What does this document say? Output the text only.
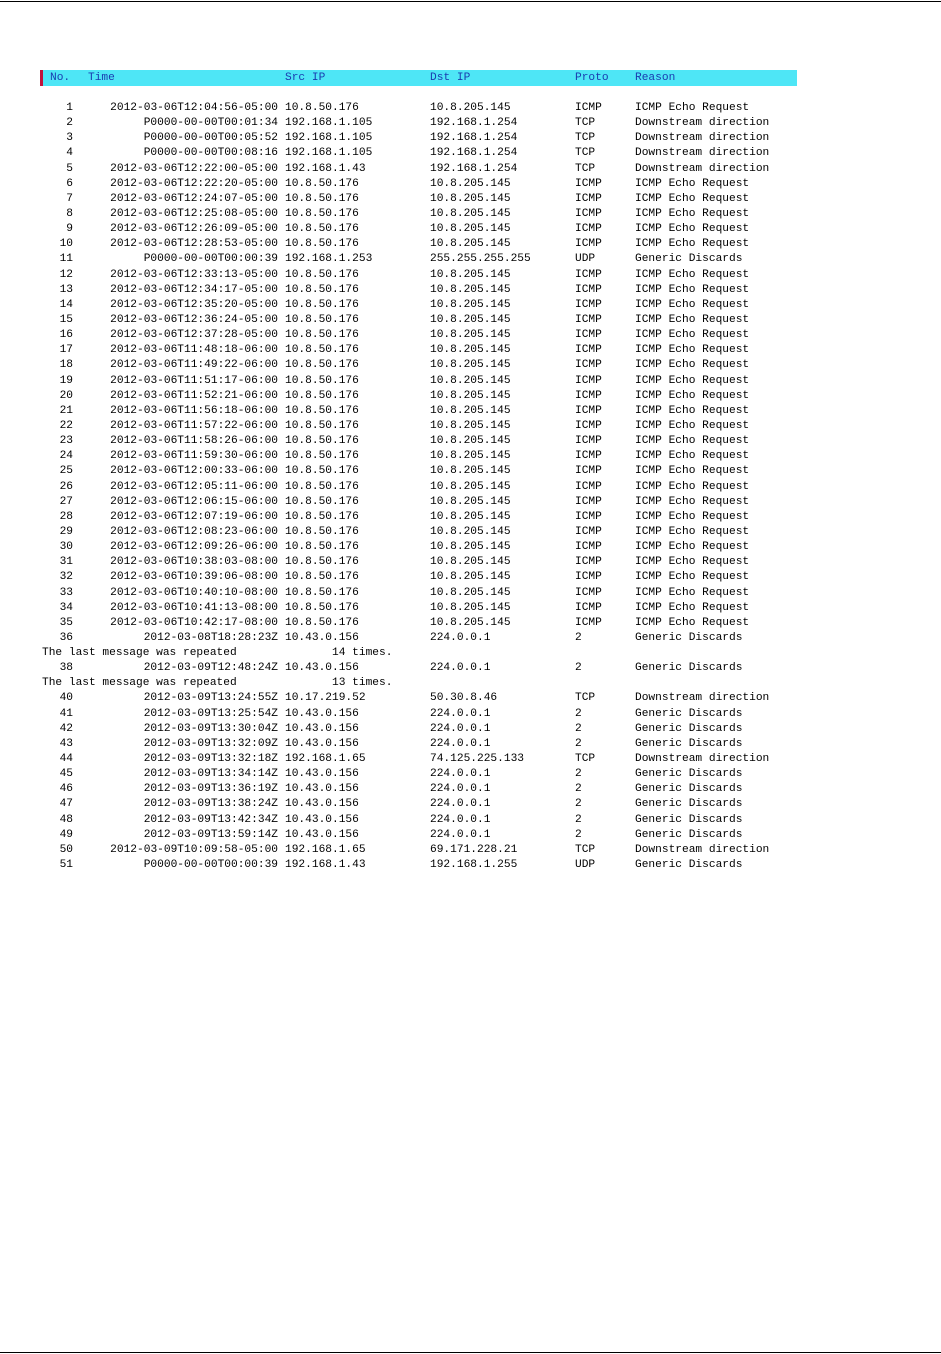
No. Time	Src IP	Dst IP	Proto Reason
1	2012-03-06T12:04:56-05:00 10.8.50.176	10.8.205.145	ICMP	ICMP Echo Request
2	P0000-00-00T00:01:34 192.168.1.105	192.168.1.254	TCP	Downstream direction
3	P0000-00-00T00:05:52 192.168.1.105	192.168.1.254	TCP	Downstream direction
4	P0000-00-00T00:08:16 192.168.1.105	192.168.1.254	TCP	Downstream direction
5	2012-03-06T12:22:00-05:00 192.168.1.43	192.168.1.254	TCP	Downstream direction
6	2012-03-06T12:22:20-05:00 10.8.50.176	10.8.205.145	ICMP	ICMP Echo Request
7	2012-03-06T12:24:07-05:00 10.8.50.176	10.8.205.145	ICMP	ICMP Echo Request
8	2012-03-06T12:25:08-05:00 10.8.50.176	10.8.205.145	ICMP	ICMP Echo Request
9	2012-03-06T12:26:09-05:00 10.8.50.176	10.8.205.145	ICMP	ICMP Echo Request
10	2012-03-06T12:28:53-05:00 10.8.50.176	10.8.205.145	ICMP	ICMP Echo Request
11	P0000-00-00T00:00:39 192.168.1.253	255.255.255.255	UDP	Generic Discards
12	2012-03-06T12:33:13-05:00 10.8.50.176	10.8.205.145	ICMP	ICMP Echo Request
13	2012-03-06T12:34:17-05:00 10.8.50.176	10.8.205.145	ICMP	ICMP Echo Request
14	2012-03-06T12:35:20-05:00 10.8.50.176	10.8.205.145	ICMP	ICMP Echo Request
15	2012-03-06T12:36:24-05:00 10.8.50.176	10.8.205.145	ICMP	ICMP Echo Request
16	2012-03-06T12:37:28-05:00 10.8.50.176	10.8.205.145	ICMP	ICMP Echo Request
17	2012-03-06T11:48:18-06:00 10.8.50.176	10.8.205.145	ICMP	ICMP Echo Request
18	2012-03-06T11:49:22-06:00 10.8.50.176	10.8.205.145	ICMP	ICMP Echo Request
19	2012-03-06T11:51:17-06:00 10.8.50.176	10.8.205.145	ICMP	ICMP Echo Request
20	2012-03-06T11:52:21-06:00 10.8.50.176	10.8.205.145	ICMP	ICMP Echo Request
21	2012-03-06T11:56:18-06:00 10.8.50.176	10.8.205.145	ICMP	ICMP Echo Request
22	2012-03-06T11:57:22-06:00 10.8.50.176	10.8.205.145	ICMP	ICMP Echo Request
23	2012-03-06T11:58:26-06:00 10.8.50.176	10.8.205.145	ICMP	ICMP Echo Request
24	2012-03-06T11:59:30-06:00 10.8.50.176	10.8.205.145	ICMP	ICMP Echo Request
25	2012-03-06T12:00:33-06:00 10.8.50.176	10.8.205.145	ICMP	ICMP Echo Request
26	2012-03-06T12:05:11-06:00 10.8.50.176	10.8.205.145	ICMP	ICMP Echo Request
27	2012-03-06T12:06:15-06:00 10.8.50.176	10.8.205.145	ICMP	ICMP Echo Request
28	2012-03-06T12:07:19-06:00 10.8.50.176	10.8.205.145	ICMP	ICMP Echo Request
29	2012-03-06T12:08:23-06:00 10.8.50.176	10.8.205.145	ICMP	ICMP Echo Request
30	2012-03-06T12:09:26-06:00 10.8.50.176	10.8.205.145	ICMP	ICMP Echo Request
31	2012-03-06T10:38:03-08:00 10.8.50.176	10.8.205.145	ICMP	ICMP Echo Request
32	2012-03-06T10:39:06-08:00 10.8.50.176	10.8.205.145	ICMP	ICMP Echo Request
33	2012-03-06T10:40:10-08:00 10.8.50.176	10.8.205.145	ICMP	ICMP Echo Request
34	2012-03-06T10:41:13-08:00 10.8.50.176	10.8.205.145	ICMP	ICMP Echo Request
35	2012-03-06T10:42:17-08:00 10.8.50.176	10.8.205.145	ICMP	ICMP Echo Request
36	2012-03-08T18:28:23Z 10.43.0.156	224.0.0.1	2	Generic Discards
The last message was repeated	14 times.
38	2012-03-09T12:48:24Z 10.43.0.156	224.0.0.1	2	Generic Discards
The last message was repeated	13 times.
40	2012-03-09T13:24:55Z 10.17.219.52	50.30.8.46	TCP	Downstream direction
41	2012-03-09T13:25:54Z 10.43.0.156	224.0.0.1	2	Generic Discards
42	2012-03-09T13:30:04Z 10.43.0.156	224.0.0.1	2	Generic Discards
43	2012-03-09T13:32:09Z 10.43.0.156	224.0.0.1	2	Generic Discards
44	2012-03-09T13:32:18Z 192.168.1.65	74.125.225.133	TCP	Downstream direction
45	2012-03-09T13:34:14Z 10.43.0.156	224.0.0.1	2	Generic Discards
46	2012-03-09T13:36:19Z 10.43.0.156	224.0.0.1	2	Generic Discards
47	2012-03-09T13:38:24Z 10.43.0.156	224.0.0.1	2	Generic Discards
48	2012-03-09T13:42:34Z 10.43.0.156	224.0.0.1	2	Generic Discards
49	2012-03-09T13:59:14Z 10.43.0.156	224.0.0.1	2	Generic Discards
50	2012-03-09T10:09:58-05:00 192.168.1.65	69.171.228.21	TCP	Downstream direction
51	P0000-00-00T00:00:39 192.168.1.43	192.168.1.255	UDP	Generic Discards
